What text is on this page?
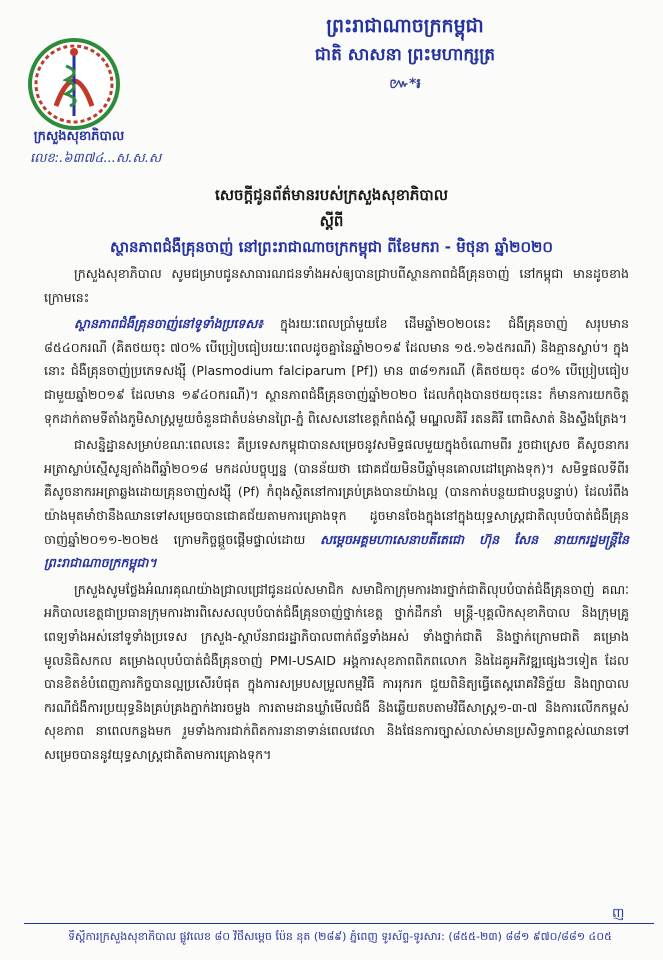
ក្រសួងសុខាភិបាល
លេខ:.៦៣៧៤...ស.ស.ស
ព្រះរាជាណាចក្រកម្ពុជា
ជាតិ សាសនា ព្រះមហាក្សត្រ
៚*៛
សេចក្តីជូនព័ត៌មានរបស់ក្រសួងសុខាភិបាល
ស្តីពី
ស្ថានភាពជំងឺគ្រុនចាញ់ នៅព្រះរាជាណាចក្រកម្ពុជា ពីខែមករា - មិថុនា ឆ្នាំ២០២០

ក្រសួងសុខាភិបាល សូមជម្រាបជូនសាធារណជនទាំងអស់ឲ្យបានជ្រាបពីស្ថានភាពជំងឺគ្រុនចាញ់ នៅកម្ពុជា មានដូចខាងក្រោមនេះ

ស្ថានភាពជំងឺគ្រុនចាញ់នៅទូទាំងប្រទេស៖ ក្នុងរយៈពេលប្រាំមួយខែ ដើមឆ្នាំ២០២០នេះ ជំងឺគ្រុនចាញ់ សរុបមាន ៨៥៤០ករណី (គិតថយចុះ ៧០% បើប្រៀបធៀបរយៈពេលដូចគ្នានៃឆ្នាំ២០១៩ ដែលមាន ១៥.១៦៥ករណី) និងគ្មានស្លាប់។ ក្នុងនោះ ជំងឺគ្រុនចាញ់ប្រភេទសង្ស៊ី (Plasmodium falciparum [Pf]) មាន ៣៨១ករណី (គិតថយចុះ ៨០% បើប្រៀបធៀបជាមួយឆ្នាំ២០១៩ ដែលមាន ១៩៤០ករណី)។ ស្ថានភាពជំងឺគ្រុនចាញ់ឆ្នាំ២០២០ ដែលកំពុងបានថយចុះនេះ ក៏មានការយកចិត្តទុកដាក់តាមទីតាំងភូមិសាស្ត្រមួយចំនួនជាតំបន់មានព្រៃ-ភ្នំ ពិសេសនៅខេត្តកំពង់ស្ពឺ មណ្ឌលគិរី រតនគិរី ពោធិសាត់ និងស្ទឹងត្រែង។

ជាសន្និដ្ឋានសម្រាប់ខណៈពេលនេះ គឺប្រទេសកម្ពុជាបានសម្រេចនូវសមិទ្ធផលមួយក្នុងចំណោមពីរ រួចជាស្រេច គឺសូចនាករអត្រាស្លាប់ស្មើសូន្យតាំងពីឆ្នាំ២០១៨ មកដល់បច្ចុប្បន្ន (បានន័យថា ជោគជ័យមិនបីឆ្នាំមុនគោលដៅគ្រោងទុក)។ សមិទ្ធផលទីពីរ គឺសូចនាករអត្រាឆ្លងដោយគ្រុនចាញ់សង្ស៊ី (Pf) កំពុងស្ថិតនៅការគ្រប់គ្រងបានយ៉ាងល្អ (បានកាត់បន្ថយជាបន្តបន្ទាប់) ដែលរំពឹងយ៉ាងមុតមាំថានឹងឈានទៅសម្រេចបានជោគជ័យតាមការគ្រោងទុក ដូចមានចែងក្នុងនៅក្នុងយុទ្ធសាស្ត្រជាតិលុបបំបាត់ជំងឺគ្រុនចាញ់ឆ្នាំ២០១១-២០២៥ ក្រោមកិច្ចផ្តួចផ្តើមផ្ទាល់ដោយ សម្តេចអគ្គមហាសេនាបតីតេជោ ហ៊ុន សែន នាយករដ្ឋមន្ត្រីនៃព្រះរាជាណាចក្រកម្ពុជា។

ក្រសួងសូមថ្លែងអំណរគុណយ៉ាងជ្រាលជ្រៅជូនដល់សមាជិក សមាជិកាក្រុមការងារថ្នាក់ជាតិលុបបំបាត់ជំងឺគ្រុនចាញ់ គណៈអភិបាលខេត្តជាប្រធានក្រុមការងារពិសេសលុបបំបាត់ជំងឺគ្រុនចាញ់ថ្នាក់ខេត្ត ថ្នាក់ដឹកនាំ មន្ត្រី-បុគ្គលិកសុខាភិបាល និងក្រុមគ្រូពេទ្យទាំងអស់នៅទូទាំងប្រទេស ក្រសួង-ស្ថាប័នរាជរដ្ឋាភិបាលពាក់ព័ន្ធទាំងអស់ ទាំងថ្នាក់ជាតិ និងថ្នាក់ក្រោមជាតិ គម្រោងមូលនិធិសកល គម្រោងលុបបំបាត់ជំងឺគ្រុនចាញ់ PMI-USAID អង្គការសុខភាពពិភពលោក និងដៃគូអភិវឌ្ឍផ្សេងៗទៀត ដែលបានខិតខំបំពេញភារកិច្ចបានល្អប្រសើរបំផុត ក្នុងការសម្របសម្រួលកម្មវិធី ការរុករក ជួយពិនិត្យធ្វើតេស្តរោគវិនិច្ឆ័យ និងព្យាបាលករណីជំងឺការប្រយុទ្ធនិងគ្រប់គ្រងភ្នាក់ងារចម្លង ការតាមដានឃ្លាំមើលជំងឺ និងឆ្លើយតបតាមវិធីសាស្ត្រ១-៣-៧ និងការលើកកម្ពស់សុខភាព នាពេលកន្លងមក រួមទាំងការជាក់ពិតការនានាទាន់ពេលវេលា និងផែនការច្បាស់លាស់មានប្រសិទ្ធភាពខ្ពស់ឈានទៅសម្រេចបាននូវយុទ្ធសាស្ត្រជាតិតាមការគ្រោងទុក។

ញ
ទីស្តីការក្រសួងសុខាភិបាល ផ្លូវលេខ ៨០ វិថីសម្តេច ប៉ែន នុត (២៨៩) ភ្នំពេញ ទូរស័ព្ទ-ទូរសារ: (៨៥៥-២៣) ៨៨១ ៩៧០/៨៨១ ៤០៥
